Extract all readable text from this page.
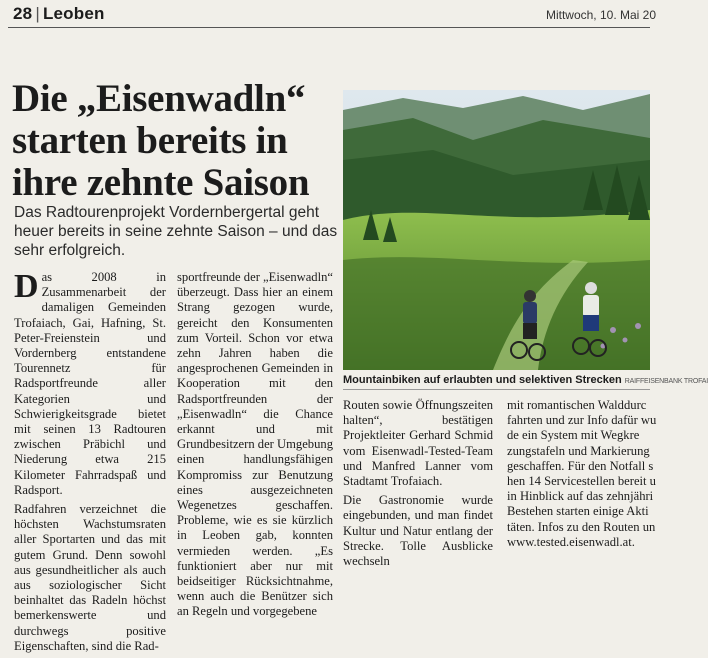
28 | Leoben	Mittwoch, 10. Mai 20
Die „Eisenwadln“ starten bereits in ihre zehnte Saison

Das Radtourenprojekt Vordernbergertal geht heuer bereits in seine zehnte Saison – und das sehr erfolgreich.

Das 2008 in Zusammenarbeit der damaligen Gemeinden Trofaiach, Gai, Hafning, St. Peter-Freienstein und Vordernberg entstandene Tourennetz für Radsportfreunde aller Kategorien und Schwierigkeitsgrade bietet mit seinen 13 Radtouren zwischen Präbichl und Niederung etwa 215 Kilometer Fahrradspaß und Radsport.

Radfahren verzeichnet die höchsten Wachstumsraten aller Sportarten und das mit gutem Grund. Denn sowohl aus gesundheitlicher als auch aus soziologischer Sicht beinhaltet das Radeln höchst bemerkenswerte und durchwegs positive Eigenschaften, sind die Rad-

sportfreunde der „Eisenwadln“ überzeugt. Dass hier an einem Strang gezogen wurde, gereicht den Konsumenten zum Vorteil. Schon vor etwa zehn Jahren haben die angesprochenen Gemeinden in Kooperation mit den Radsportfreunden der „Eisenwadln“ die Chance erkannt und mit Grundbesitzern der Umgebung einen handlungsfähigen Kompromiss zur Benutzung eines ausgezeichneten Wegenetzes geschaffen. Probleme, wie es sie kürzlich in Leoben gab, konnten vermieden werden. „Es funktioniert aber nur mit beidseitiger Rücksichtnahme, wenn auch die Benützer sich an Regeln und vorgegebene

Mountainbiken auf erlaubten und selektiven Strecken RAIFFEISENBANK TROFAI

Routen sowie Öffnungszeiten halten“, bestätigen Projektleiter Gerhard Schmid vom Eisenwadl-Tested-Team und Manfred Lanner vom Stadtamt Trofaiach.

Die Gastronomie wurde eingebunden, und man findet Kultur und Natur entlang der Strecke. Tolle Ausblicke wechseln

mit romantischen Walddurc
fahrten und zur Info dafür wu
de ein System mit Wegkre
zungstafeln und Markierung
geschaffen. Für den Notfall s
hen 14 Servicestellen bereit u
in Hinblick auf das zehnjähri
Bestehen starten einige Akti
täten. Infos zu den Routen un
www.tested.eisenwadl.at.
